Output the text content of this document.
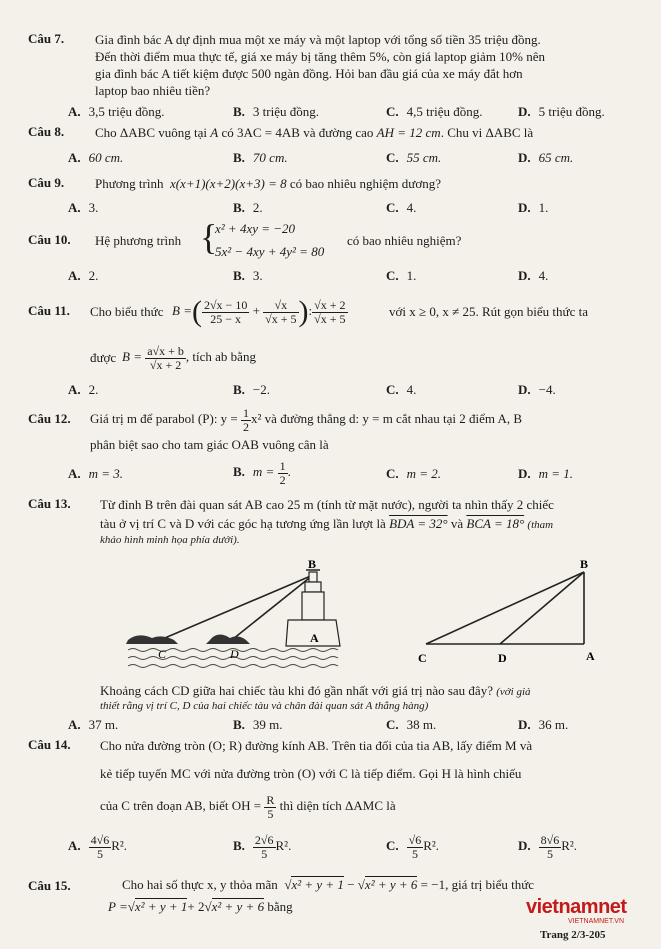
Câu 7. Gia đình bác A dự định mua một xe máy và một laptop với tổng số tiền 35 triệu đồng.
Đến thời điểm mua thực tế, giá xe máy bị tăng thêm 5%, còn giá laptop giảm 10% nên
gia đình bác A tiết kiệm được 500 ngàn đồng. Hỏi ban đầu giá của xe máy đắt hơn
laptop bao nhiêu tiền?
A. 3,5 triệu đồng.	B. 3 triệu đồng.	C. 4,5 triệu đồng.	D. 5 triệu đồng.
Câu 8. Cho ΔABC vuông tại A có 3AC = 4AB và đường cao AH = 12 cm. Chu vi ΔABC là
A. 60 cm.	B. 70 cm.	C. 55 cm.	D. 65 cm.
Câu 9. Phương trình x(x+1)(x+2)(x+3) = 8 có bao nhiêu nghiệm dương?
A. 3.	B. 2.	C. 4.	D. 1.
Câu 10. Hệ phương trình {
x² + 4xy = −20
5x² − 4xy + 4y² = 80
có bao nhiêu nghiệm?
A. 2.	B. 3.	C. 1.	D. 4.
Câu 11. Cho biểu thức B =( $\frac{2√x - 10}{25 - x} + \frac{√x}{√x + 5}$ ): $\frac{√x + 2}{√x + 5}$	với x ≥ 0, x ≠ 25. Rút gọn biểu thức ta
được $B = \frac{a√x + b}{√x + 2}$ , tích ab bằng
A. 2.	B. −2.	C. 4.	D. −4.
Câu 12. Giá trị m để parabol (P): $y = \frac{1}{2} x^2$ và đường thẳng d: y = m cắt nhau tại 2 điểm A, B
phân biệt sao cho tam giác OAB vuông cân là
A. m = 3.	B. $m = \frac{1}{2}$ .	C. m = 2.	D. m = 1.
Câu 13. Từ đỉnh B trên đài quan sát AB cao 25 m (tính từ mặt nước), người ta nhìn thấy 2 chiếc
tàu ở vị trí C và D với các góc hạ tương ứng lần lượt là BDA = 32° và BCA = 18° (tham
khảo hình minh họa phía dưới).
B
A
C	D
B
C	D	A
Khoảng cách CD giữa hai chiếc tàu khi đó gần nhất với giá trị nào sau đây? (với giả
thiết rằng vị trí C, D của hai chiếc tàu và chân đài quan sát A thẳng hàng)
A. 37 m.	B. 39 m.	C. 38 m.	D. 36 m.
Câu 14. Cho nửa đường tròn (O; R) đường kính AB. Trên tia đối của tia AB, lấy điểm M và
kẻ tiếp tuyến MC với nửa đường tròn (O) với C là tiếp điểm. Gọi H là hình chiếu
của C trên đoạn AB, biết OH = $\frac{R}{5}$ thì diện tích ΔAMC là
A. $\frac{4√6}{5} R^2$.	B. $\frac{2√6}{5} R^2$.	C. $\frac{√6}{5} R^2$.	D. $\frac{8√6}{5} R^2$.
Câu 15.	Cho hai số thực x, y thỏa mãn  √x² + y + 1 − √x² + y + 6 = −1, giá trị biểu thức
P =√x² + y + 1+ 2√x² + y + 6 bằng	vietnamnet
VIETNAMNET.VN
Trang 2/3-205
